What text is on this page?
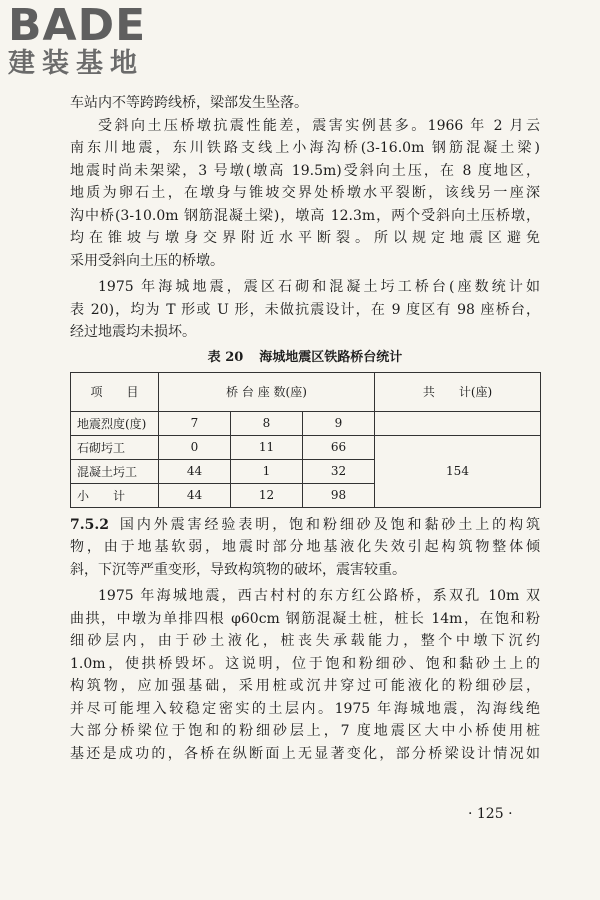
BADE
建装基地
车站内不等跨跨线桥，梁部发生坠落。
受斜向土压桥墩抗震性能差，震害实例甚多。1966 年 2 月云
南东川地震，东川铁路支线上小海沟桥(3-16.0m 钢筋混凝土梁)
地震时尚未架梁，3 号墩(墩高 19.5m)受斜向土压，在 8 度地区，
地质为卵石土，在墩身与锥坡交界处桥墩水平裂断，该线另一座深
沟中桥(3-10.0m 钢筋混凝土梁)，墩高 12.3m，两个受斜向土压桥墩，
均在锥坡与墩身交界附近水平断裂。所以规定地震区避免
采用受斜向土压的桥墩。
1975 年海城地震，震区石砌和混凝土圬工桥台(座数统计如
表 20)，均为 T 形或 U 形，未做抗震设计，在 9 度区有 98 座桥台，
经过地震均未损坏。
表 20 海城地震区铁路桥台统计
项　　目	桥 台 座 数(座)			共　　计(座)
地震烈度(度)	7	8	9	
石砌圬工	0	11	66	154
混凝土圬工	44	1	32	
小　　计	44	12	98	
7.5.2 国内外震害经验表明，饱和粉细砂及饱和黏砂土上的构筑
物，由于地基软弱，地震时部分地基液化失效引起构筑物整体倾
斜，下沉等严重变形，导致构筑物的破坏，震害较重。
1975 年海城地震，西古村村的东方红公路桥，系双孔 10m 双
曲拱，中墩为单排四根 φ60cm 钢筋混凝土桩，桩长 14m，在饱和粉
细砂层内，由于砂土液化，桩丧失承载能力，整个中墩下沉约
1.0m，使拱桥毁坏。这说明，位于饱和粉细砂、饱和黏砂土上的
构筑物，应加强基础，采用桩或沉井穿过可能液化的粉细砂层，
并尽可能埋入较稳定密实的土层内。1975 年海城地震，沟海线绝
大部分桥梁位于饱和的粉细砂层上，7 度地震区大中小桥使用桩
基还是成功的，各桥在纵断面上无显著变化，部分桥梁设计情况如
· 125 ·
